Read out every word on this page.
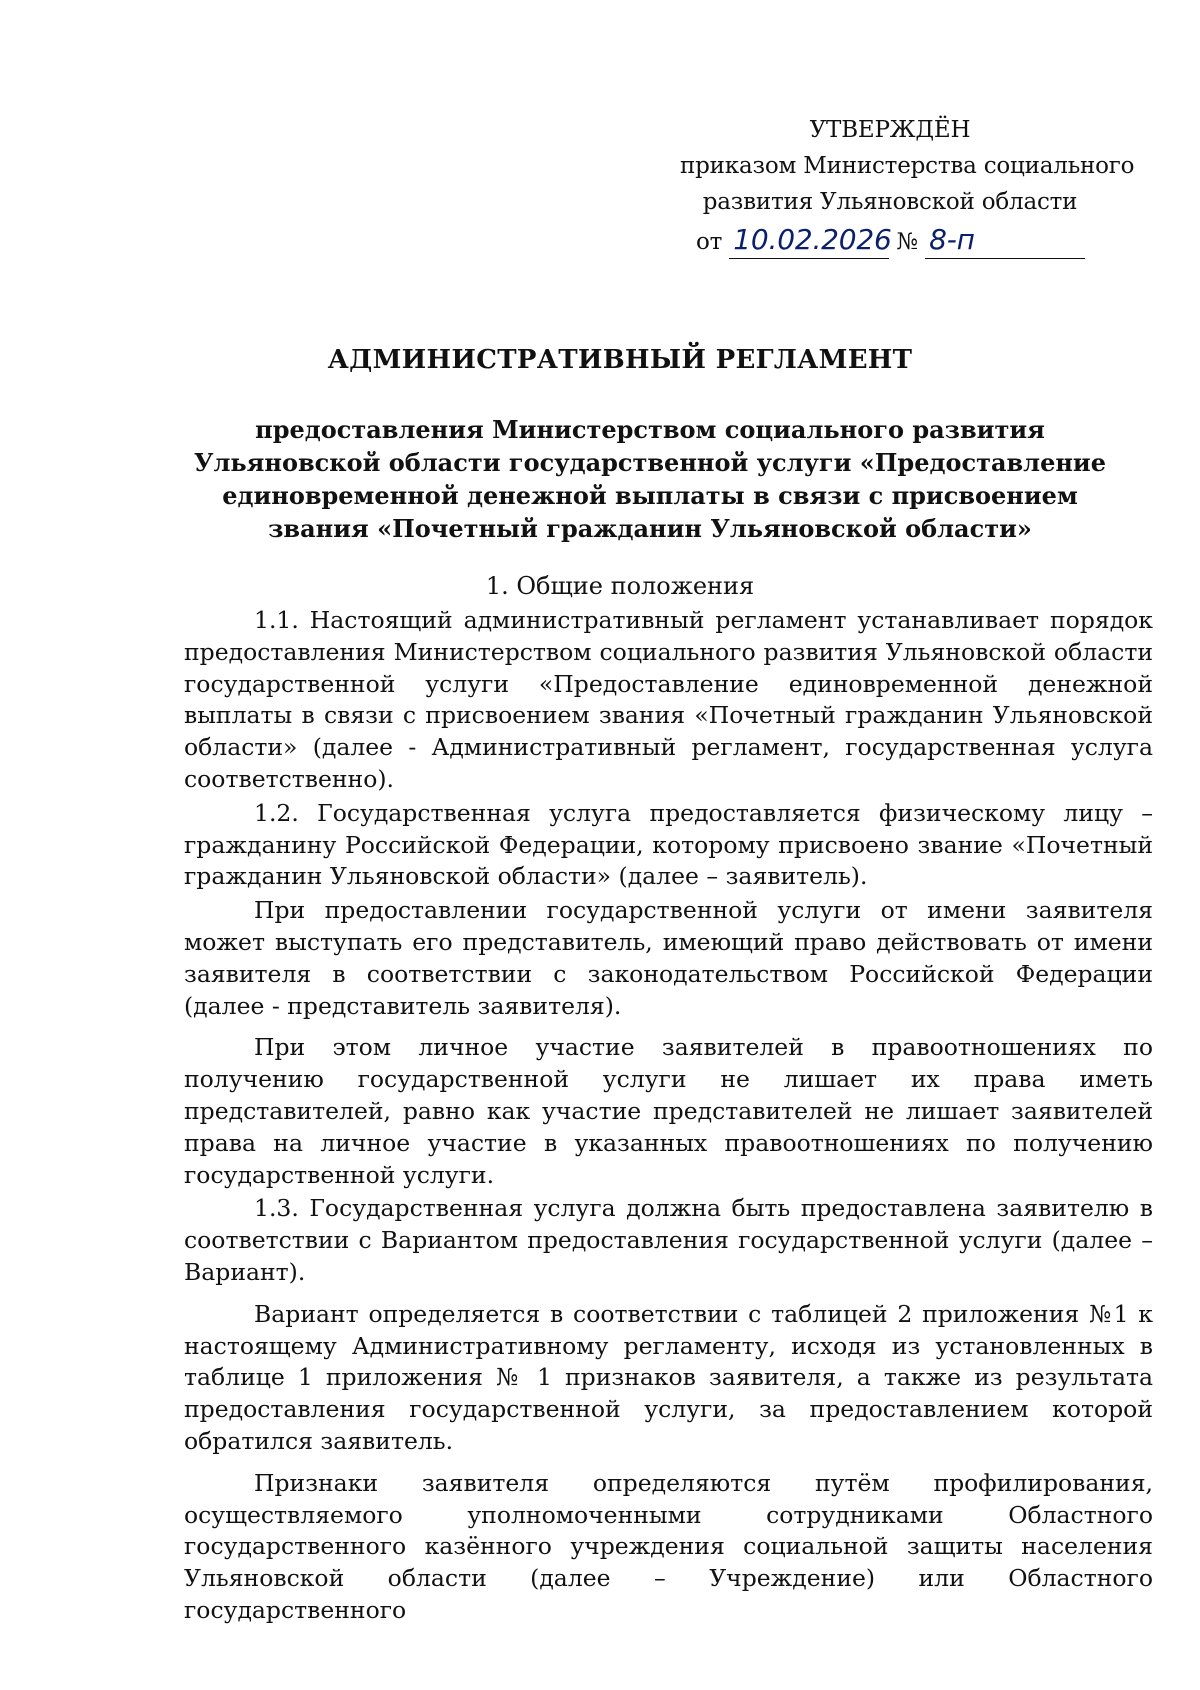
УТВЕРЖДЁН
приказом Министерства социального
развития Ульяновской области
от 10.02.2026 № 8-п
АДМИНИСТРАТИВНЫЙ РЕГЛАМЕНТ
предоставления Министерством социального развития Ульяновской области государственной услуги «Предоставление единовременной денежной выплаты в связи с присвоением звания «Почетный гражданин Ульяновской области»
1. Общие положения

1.1. Настоящий административный регламент устанавливает порядок предоставления Министерством социального развития Ульяновской области государственной услуги «Предоставление единовременной денежной выплаты в связи с присвоением звания «Почетный гражданин Ульяновской области» (далее - Административный регламент, государственная услуга соответственно).

1.2. Государственная услуга предоставляется физическому лицу – гражданину Российской Федерации, которому присвоено звание «Почетный гражданин Ульяновской области» (далее – заявитель).

При предоставлении государственной услуги от имени заявителя может выступать его представитель, имеющий право действовать от имени заявителя в соответствии с законодательством Российской Федерации (далее - представитель заявителя).

При этом личное участие заявителей в правоотношениях по получению государственной услуги не лишает их права иметь представителей, равно как участие представителей не лишает заявителей права на личное участие в указанных правоотношениях по получению государственной услуги.

1.3. Государственная услуга должна быть предоставлена заявителю в соответствии с Вариантом предоставления государственной услуги (далее – Вариант).

Вариант определяется в соответствии с таблицей 2 приложения №1 к настоящему Административному регламенту, исходя из установленных в таблице 1 приложения № 1 признаков заявителя, а также из результата предоставления государственной услуги, за предоставлением которой обратился заявитель.

Признаки заявителя определяются путём профилирования, осуществляемого уполномоченными сотрудниками Областного государственного казённого учреждения социальной защиты населения Ульяновской области (далее – Учреждение) или Областного государственного
